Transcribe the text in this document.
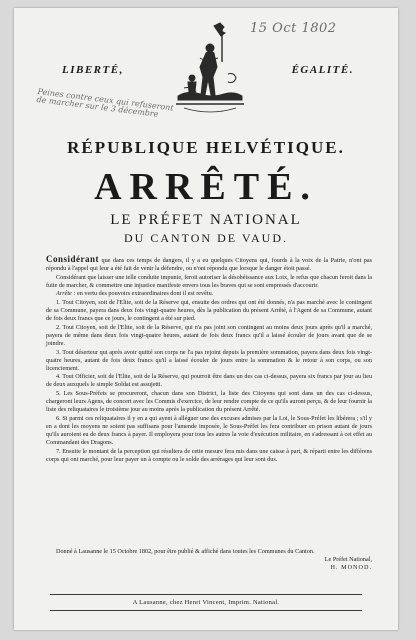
15 Oct 1802
Peines contre ceux qui refuseront de marcher sur le 3 décembre
LIBERTÉ,	ÉGALITÉ.
RÉPUBLIQUE HELVÉTIQUE.
ARRÊTÉ.
LE PRÉFET NATIONAL
DU CANTON DE VAUD.

Considérant que dans ces temps de dangers, il y a eu quelques Citoyens qui, fourds à la voix de la Patrie, n'ont pas répondu à l'appel qui leur a été fait de venir la défendre, ou n'ont répondu que lorsque le danger étoit passé.

Considérant que laisser une telle conduite impunie, feroit autoriser la désobéissance aux Loix, le refus que chacun feroit dans la fuite de marcher, & commettre une injustice manifeste envers tous les braves qui se sont empressés d'accourir.

Arrête : en vertu des pouvoirs extraordinaires dont il est revêtu.

1. Tout Citoyen, soit de l'Elite, soit de la Réserve qui, ensuite des ordres qui ont été donnés, n'a pas marché avec le contingent de sa Commune, payera dans deux fois vingt-quatre heures, dès la publication du présent Arrêté, à l'Agent de sa Commune, autant de fois deux francs que ce jours, le contingent a été sur pied.

2. Tout Citoyen, soit de l'Elite, soit de la Réserve, qui n'a pas joint son contingent au moins deux jours après qu'il a marché, payera de même dans deux fois vingt-quatre heures, autant de fois deux francs qu'il a laissé écouler de jours avant que de se joindre.

3. Tout déserteur qui après avoir quitté son corps ne l'a pas rejoint depuis la première sommation, payera dans deux fois vingt-quatre heures, autant de fois deux francs qu'il a laissé écouler de jours entre la sommation & le retour à son corps, ou son licenciement.

4. Tout Officier, soit de l'Elite, soit de la Réserve, qui pourroit être dans un des cas ci-dessus, payera six francs par jour au lieu de deux auxquels le simple Soldat est assujetti.

5. Les Sous-Préfets se procureront, chacun dans son District, la liste des Citoyens qui sont dans un des cas ci-dessus, chargeront leurs Agens, de concert avec les Commis d'exercice, de leur rendre compte de ce qu'ils auront perçu, & de leur fournir la liste des reliquataires le troisième jour au moins après la publication du présent Arrêté.

6. Si parmi ces reliquataires il y en a qui ayent à alléguer une des excuses admises par la Loi, le Sous-Préfet les libérera ; s'il y en a dont les moyens ne soient pas suffisans pour l'amende imposée, le Sous-Préfet les fera contribuer en prison autant de jours qu'ils auroient eu de deux francs à payer. Il employera pour tous les autres la voie d'exécution militaire, en s'adressant à cet effet au Commandant des Dragons.

7. Ensuite le montant de la perception qui résultera de cette mesure fera mis dans une caisse à part, & réparti entre les différens corps qui ont marché, pour leur payer un à compte ou le solde des arrérages qui leur sont dus.

Donné à Lausanne le 15 Octobre 1802, pour être publié & affiché dans toutes les Communes du Canton.
Le Préfet National,
H. MONOD.
A Lausanne, chez Henri Vincent, Imprim. National.
